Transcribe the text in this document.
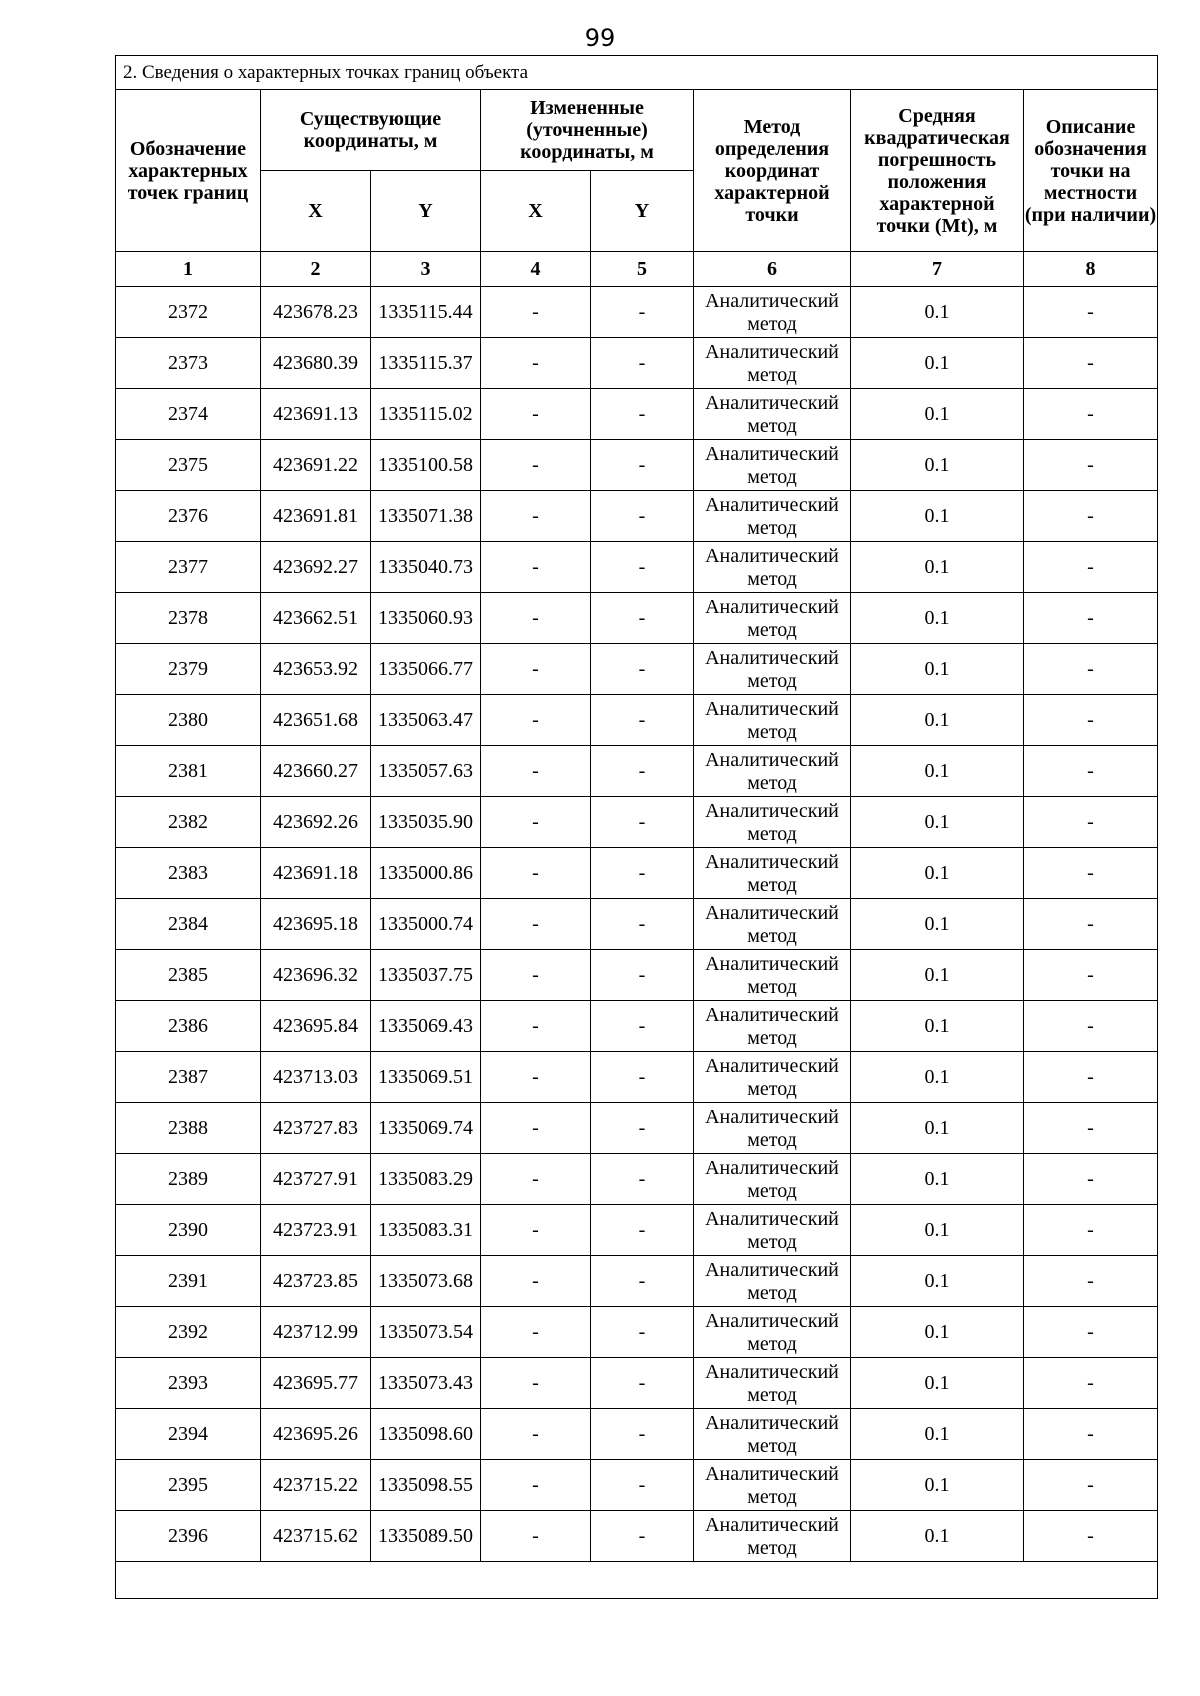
99
2. Сведения о характерных точках границ объекта							
Обозначение характерных точек границ	Существующие координаты, м		Измененные (уточненные) координаты, м		Метод определения координат характерной точки	Средняя квадратическая погрешность положения характерной точки (Mt), м	Описание обозначения точки на местности (при наличии)
	X	Y	X	Y			
1	2	3	4	5	6	7	8
2372	423678.23	1335115.44	-	-	Аналитический метод	0.1	-
2373	423680.39	1335115.37	-	-	Аналитический метод	0.1	-
2374	423691.13	1335115.02	-	-	Аналитический метод	0.1	-
2375	423691.22	1335100.58	-	-	Аналитический метод	0.1	-
2376	423691.81	1335071.38	-	-	Аналитический метод	0.1	-
2377	423692.27	1335040.73	-	-	Аналитический метод	0.1	-
2378	423662.51	1335060.93	-	-	Аналитический метод	0.1	-
2379	423653.92	1335066.77	-	-	Аналитический метод	0.1	-
2380	423651.68	1335063.47	-	-	Аналитический метод	0.1	-
2381	423660.27	1335057.63	-	-	Аналитический метод	0.1	-
2382	423692.26	1335035.90	-	-	Аналитический метод	0.1	-
2383	423691.18	1335000.86	-	-	Аналитический метод	0.1	-
2384	423695.18	1335000.74	-	-	Аналитический метод	0.1	-
2385	423696.32	1335037.75	-	-	Аналитический метод	0.1	-
2386	423695.84	1335069.43	-	-	Аналитический метод	0.1	-
2387	423713.03	1335069.51	-	-	Аналитический метод	0.1	-
2388	423727.83	1335069.74	-	-	Аналитический метод	0.1	-
2389	423727.91	1335083.29	-	-	Аналитический метод	0.1	-
2390	423723.91	1335083.31	-	-	Аналитический метод	0.1	-
2391	423723.85	1335073.68	-	-	Аналитический метод	0.1	-
2392	423712.99	1335073.54	-	-	Аналитический метод	0.1	-
2393	423695.77	1335073.43	-	-	Аналитический метод	0.1	-
2394	423695.26	1335098.60	-	-	Аналитический метод	0.1	-
2395	423715.22	1335098.55	-	-	Аналитический метод	0.1	-
2396	423715.62	1335089.50	-	-	Аналитический метод	0.1	-
